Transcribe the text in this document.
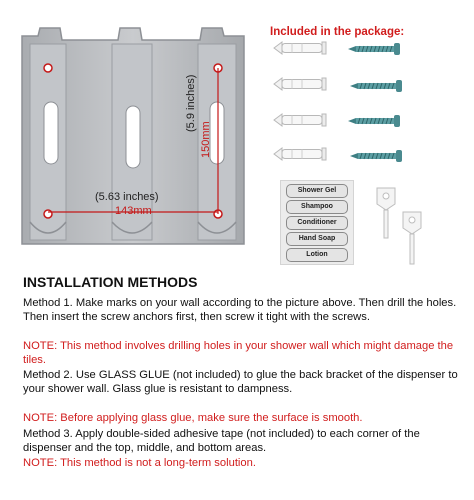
(5.63 inches)
143mm
(5.9 inches)
150mm
Included in the package:
Shower Gel
Shampoo
Conditioner
Hand Soap
Lotion
INSTALLATION METHODS
Method 1. Make marks on your wall according to the picture above. Then drill the holes. Then insert the screw anchors first, then screw it tight with the screws.
NOTE: This method involves drilling holes in your shower wall which might damage the tiles.
Method 2. Use GLASS GLUE (not included) to glue the back bracket of the dispenser to your shower wall. Glass glue is resistant to dampness.
NOTE: Before applying glass glue, make sure the surface is smooth.
Method 3. Apply double-sided adhesive tape (not included) to each corner of the dispenser and the top, middle, and bottom areas.
NOTE: This method is not a long-term solution.
